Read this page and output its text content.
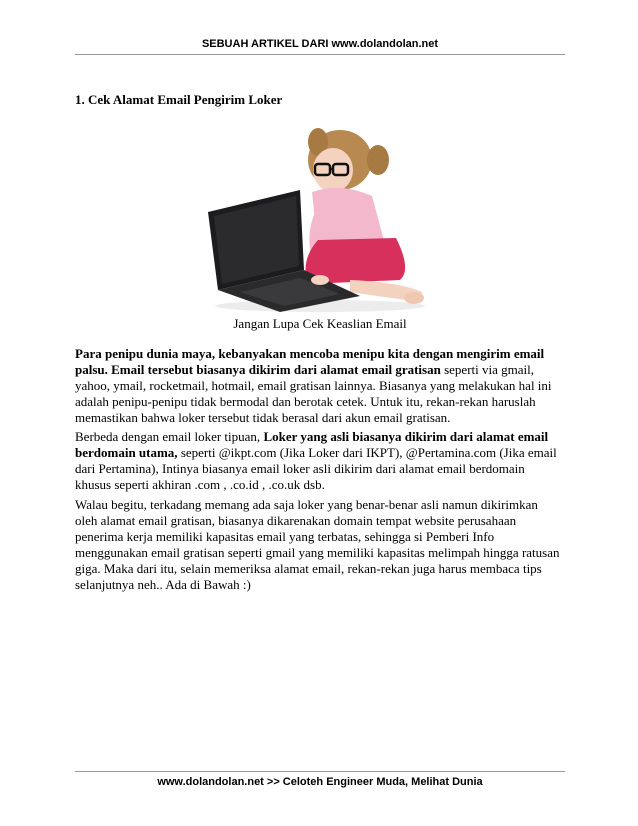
SEBUAH ARTIKEL DARI www.dolandolan.net
1. Cek Alamat Email Pengirim Loker
Jangan Lupa Cek Keaslian Email

Para penipu dunia maya, kebanyakan mencoba menipu kita dengan mengirim email palsu. Email tersebut biasanya dikirim dari alamat email gratisan seperti via gmail, yahoo, ymail, rocketmail, hotmail, email gratisan lainnya. Biasanya yang melakukan hal ini adalah penipu-penipu tidak bermodal dan berotak cetek. Untuk itu, rekan-rekan haruslah memastikan bahwa loker tersebut tidak berasal dari akun email gratisan.

Berbeda dengan email loker tipuan, Loker yang asli biasanya dikirim dari alamat email berdomain utama, seperti @ikpt.com (Jika Loker dari IKPT), @Pertamina.com (Jika email dari Pertamina), Intinya biasanya email loker asli dikirim dari alamat email berdomain khusus seperti akhiran .com , .co.id , .co.uk dsb.

Walau begitu, terkadang memang ada saja loker yang benar-benar asli namun dikirimkan oleh alamat email gratisan, biasanya dikarenakan domain tempat website perusahaan penerima kerja memiliki kapasitas email yang terbatas, sehingga si Pemberi Info menggunakan email gratisan seperti gmail yang memiliki kapasitas melimpah hingga ratusan giga. Maka dari itu, selain memeriksa alamat email, rekan-rekan juga harus membaca tips selanjutnya neh.. Ada di Bawah :)

www.dolandolan.net >> Celoteh Engineer Muda, Melihat Dunia
